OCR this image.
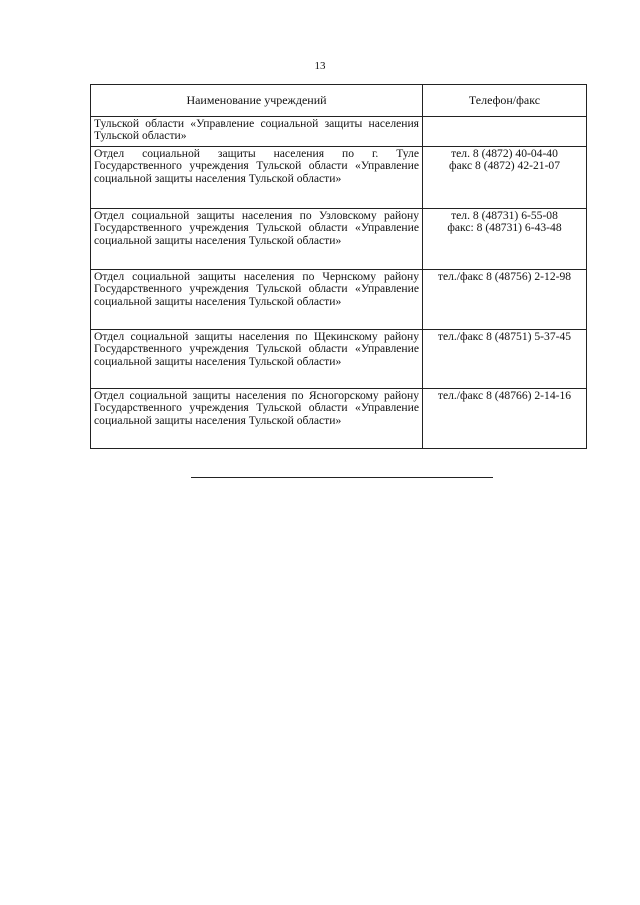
13
Наименование учреждений	Телефон/факс
Тульской области «Управление социальной защиты населения Тульской области»	
Отдел социальной защиты населения по г. Туле Государственного учреждения Тульской области «Управление социальной защиты населения Тульской области»	тел. 8 (4872) 40-04-40
факс 8 (4872) 42-21-07

Отдел социальной защиты населения по Узловскому району Государственного учреждения Тульской области «Управление социальной защиты населения Тульской области»	тел. 8 (48731) 6-55-08
факс: 8 (48731) 6-43-48

Отдел социальной защиты населения по Чернскому району Государственного учреждения Тульской области «Управление социальной защиты населения Тульской области»	тел./факс 8 (48756) 2-12-98

Отдел социальной защиты населения по Щекинскому району Государственного учреждения Тульской области «Управление социальной защиты населения Тульской области»	тел./факс 8 (48751) 5-37-45

Отдел социальной защиты населения по Ясногорскому району Государственного учреждения Тульской области «Управление социальной защиты населения Тульской области»	тел./факс 8 (48766) 2-14-16
